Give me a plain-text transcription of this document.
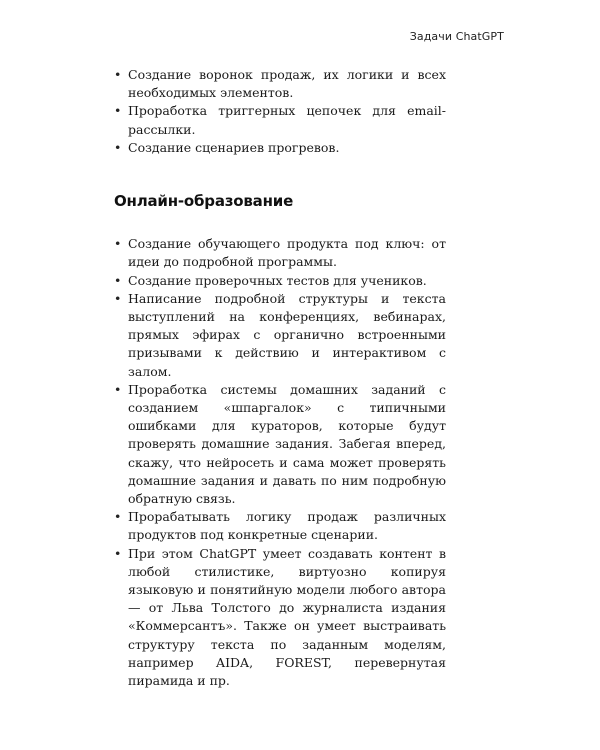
Задачи ChatGPT
• Создание воронок продаж, их логики и всех необходимых элементов.
• Проработка триггерных цепочек для email-рассылки.
• Создание сценариев прогревов.
Онлайн-образование
• Создание обучающего продукта под ключ: от идеи до подробной программы.
• Создание проверочных тестов для учеников.
• Написание подробной структуры и текста выступлений на конференциях, вебинарах, прямых эфирах с органично встроенными призывами к действию и интерактивом с залом.
• Проработка системы домашних заданий с созданием «шпаргалок» с типичными ошибками для кураторов, которые будут проверять домашние задания. Забегая вперед, скажу, что нейросеть и сама может проверять домашние задания и давать по ним подробную обратную связь.
• Прорабатывать логику продаж различных продуктов под конкретные сценарии.
• При этом ChatGPT умеет создавать контент в любой стилистике, виртуозно копируя языковую и понятийную модели любого автора — от Льва Толстого до журналиста издания «Коммерсантъ». Также он умеет выстраивать структуру текста по заданным моделям, например AIDA, FOREST, перевернутая пирамида и пр.
